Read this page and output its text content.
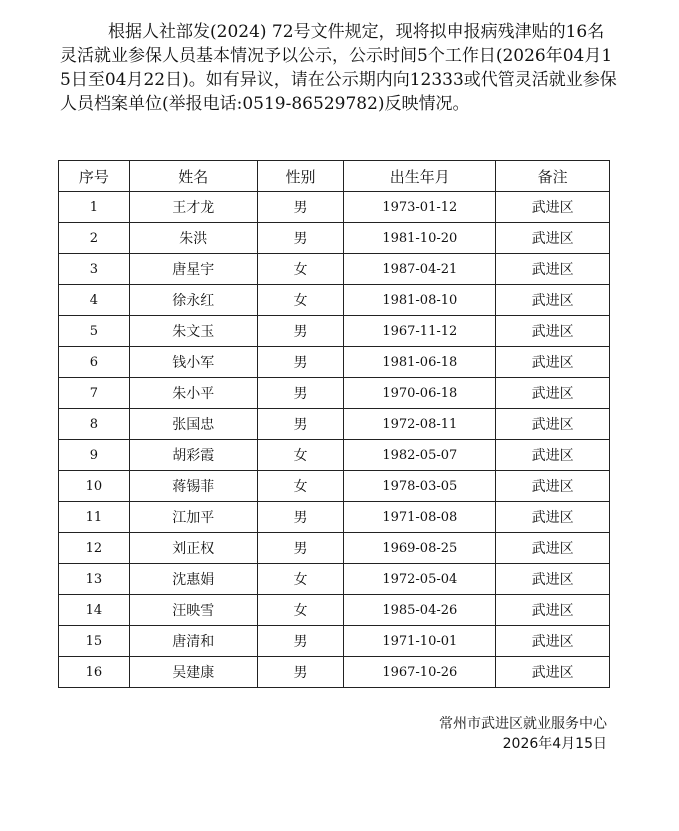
根据人社部发(2024) 72号文件规定，现将拟申报病残津贴的16名灵活就业参保人员基本情况予以公示，公示时间5个工作日(2026年04月15日至04月22日)。如有异议，请在公示期内向12333或代管灵活就业参保人员档案单位(举报电话:0519-86529782)反映情况。

序号	姓名	性别	出生年月	备注
1	王才龙	男	1973-01-12	武进区
2	朱洪	男	1981-10-20	武进区
3	唐星宇	女	1987-04-21	武进区
4	徐永红	女	1981-08-10	武进区
5	朱文玉	男	1967-11-12	武进区
6	钱小军	男	1981-06-18	武进区
7	朱小平	男	1970-06-18	武进区
8	张国忠	男	1972-08-11	武进区
9	胡彩霞	女	1982-05-07	武进区
10	蒋锡菲	女	1978-03-05	武进区
11	江加平	男	1971-08-08	武进区
12	刘正权	男	1969-08-25	武进区
13	沈惠娟	女	1972-05-04	武进区
14	汪映雪	女	1985-04-26	武进区
15	唐清和	男	1971-10-01	武进区
16	吴建康	男	1967-10-26	武进区
常州市武进区就业服务中心
2026年4月15日
